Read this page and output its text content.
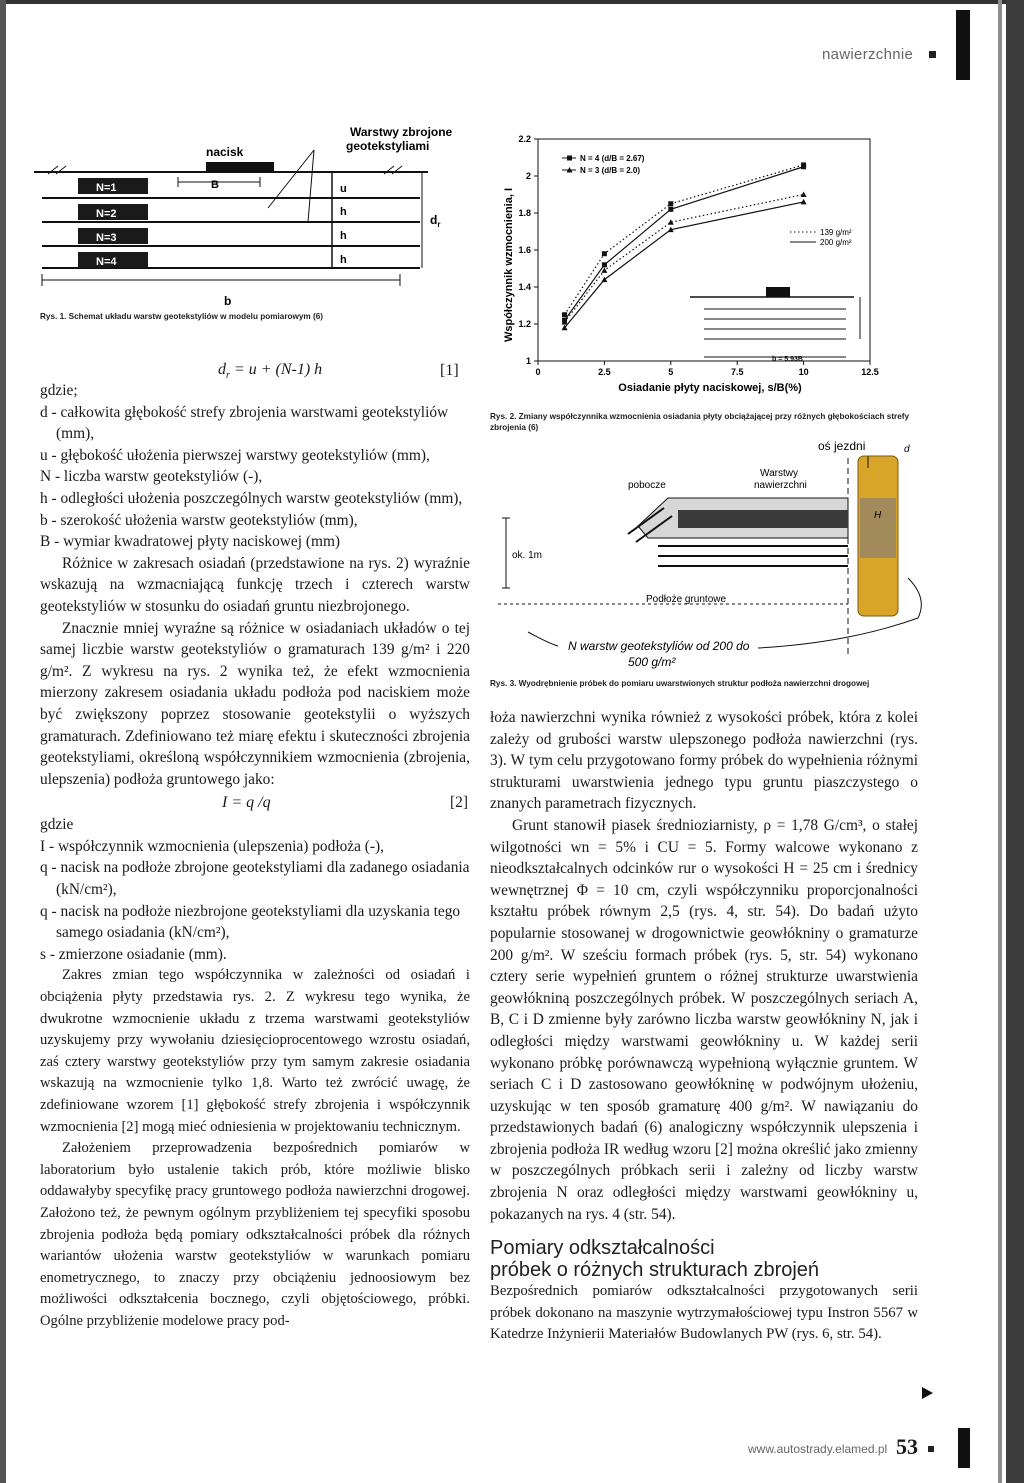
nawierzchnie
Warstwy zbrojone
geotekstyliami
nacisk
N=1
N=2
N=3
N=4
B	u
h
h
h
$d_r$
b
Rys. 1. Schemat układu warstw geotekstyliów w modelu pomiarowym (6)
$d_r = u + (N-1)$ h	[1]

gdzie;

d - całkowita głębokość strefy zbrojenia warstwami geotekstyliów (mm),

u - głębokość ułożenia pierwszej warstwy geotekstyliów (mm),

N - liczba warstw geotekstyliów (-),

h - odległości ułożenia poszczególnych warstw geotekstyliów (mm),

b - szerokość ułożenia warstw geotekstyliów (mm),

B - wymiar kwadratowej płyty naciskowej (mm)

Różnice w zakresach osiadań (przedstawione na rys. 2) wyraźnie wskazują na wzmacniającą funkcję trzech i czterech warstw geotekstyliów w stosunku do osiadań gruntu niezbrojonego.

Znacznie mniej wyraźne są różnice w osiadaniach układów o tej samej liczbie warstw geotekstyliów o gramaturach 139 g/m² i 220 g/m². Z wykresu na rys. 2 wynika też, że efekt wzmocnienia mierzony zakresem osiadania układu podłoża pod naciskiem może być zwiększony poprzez stosowanie geotekstylii o wyższych gramaturach. Zdefiniowano też miarę efektu i skuteczności zbrojenia geotekstyliami, określoną współczynnikiem wzmocnienia (zbrojenia, ulepszenia) podłoża gruntowego jako:

I = q /q	[2]

gdzie

I - współczynnik wzmocnienia (ulepszenia) podłoża (-),

q - nacisk na podłoże zbrojone geotekstyliami dla zadanego osiadania (kN/cm²),

q - nacisk na podłoże niezbrojone geotekstyliami dla uzyskania tego samego osiadania (kN/cm²),

s - zmierzone osiadanie (mm).

Zakres zmian tego współczynnika w zależności od osiadań i obciążenia płyty przedstawia rys. 2. Z wykresu tego wynika, że dwukrotne wzmocnienie układu z trzema warstwami geotekstyliów uzyskujemy przy wywołaniu dziesięcioprocentowego wzrostu osiadań, zaś cztery warstwy geotekstyliów przy tym samym zakresie osiadania wskazują na wzmocnienie tylko 1,8. Warto też zwrócić uwagę, że zdefiniowane wzorem [1] głębokość strefy zbrojenia i współczynnik wzmocnienia [2] mogą mieć odniesienia w projektowaniu technicznym.

Założeniem przeprowadzenia bezpośrednich pomiarów w laboratorium było ustalenie takich prób, które możliwie blisko oddawałyby specyfikę pracy gruntowego podłoża nawierzchni drogowej. Założono też, że pewnym ogólnym przybliżeniem tej specyfiki sposobu zbrojenia podłoża będą pomiary odkształcalności próbek dla różnych wariantów ułożenia warstw geotekstyliów w warunkach pomiaru enometrycznego, to znaczy przy obciążeniu jednoosiowym bez możliwości odkształcenia bocznego, czyli objętościowego, próbki. Ogólne przybliżenie modelowe pracy pod-

Współczynnik wzmocnienia, I
Osiadanie płyty naciskowej, s/B(%)
0	2.5	5	7.5	10	12.5
1
1.2
1.4
1.6
1.8
2
2.2
N = 4 (d/B = 2.67)
N = 3 (d/B = 2.0)
139 g/m²
200 g/m²
b = 5.93B
Rys. 2. Zmiany współczynnika wzmocnienia osiadania płyty obciążającej przy różnych głębokościach strefy zbrojenia (6)
oś jezdni
Warstwy
nawierzchni
pobocze
ok. 1m
Podłoże gruntowe
N warstw geotekstyliów od 200 do
500 g/m²
d
H
Rys. 3. Wyodrębnienie próbek do pomiaru uwarstwionych struktur podłoża nawierzchni drogowej

łoża nawierzchni wynika również z wysokości próbek, która z kolei zależy od grubości warstw ulepszonego podłoża nawierzchni (rys. 3). W tym celu przygotowano formy próbek do wypełnienia różnymi strukturami uwarstwienia jednego typu gruntu piaszczystego o znanych parametrach fizycznych.

Grunt stanowił piasek średnioziarnisty, ρ = 1,78 G/cm³, o stałej wilgotności wn = 5% i CU = 5. Formy walcowe wykonano z nieodkształcalnych odcinków rur o wysokości H = 25 cm i średnicy wewnętrznej Φ = 10 cm, czyli współczynniku proporcjonalności kształtu próbek równym 2,5 (rys. 4, str. 54). Do badań użyto popularnie stosowanej w drogownictwie geowłókniny o gramaturze 200 g/m². W sześciu formach próbek (rys. 5, str. 54) wykonano cztery serie wypełnień gruntem o różnej strukturze uwarstwienia geowłókniną poszczególnych próbek. W poszczególnych seriach A, B, C i D zmienne były zarówno liczba warstw geowłókniny N, jak i odległości między warstwami geowłókniny u. W każdej serii wykonano próbkę porównawczą wypełnioną wyłącznie gruntem. W seriach C i D zastosowano geowłókninę w podwójnym ułożeniu, uzyskując w ten sposób gramaturę 400 g/m². W nawiązaniu do przedstawionych badań (6) analogiczny współczynnik ulepszenia i zbrojenia podłoża IR według wzoru [2] można określić jako zmienny w poszczególnych próbkach serii i zależny od liczby warstw zbrojenia N oraz odległości między warstwami geowłókniny u, pokazanych na rys. 4 (str. 54).

Pomiary odkształcalności
próbek o różnych strukturach zbrojeń

Bezpośrednich pomiarów odkształcalności przygotowanych serii próbek dokonano na maszynie wytrzymałościowej typu Instron 5567 w Katedrze Inżynierii Materiałów Budowlanych PW (rys. 6, str. 54).

www.autostrady.elamed.pl 53
